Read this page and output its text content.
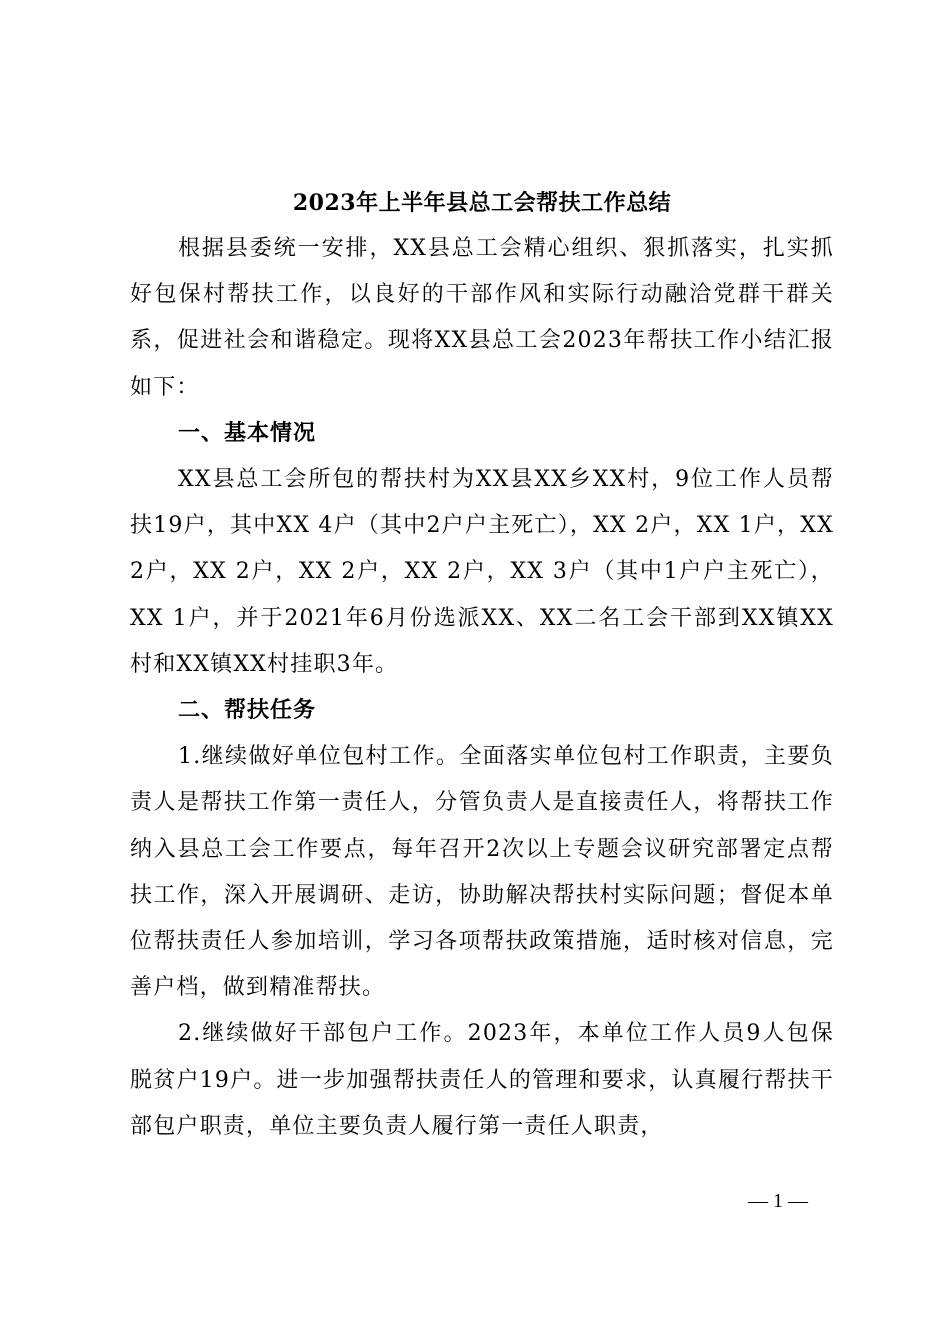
2023年上半年县总工会帮扶工作总结

根据县委统一安排，XX县总工会精心组织、狠抓落实，扎实抓好包保村帮扶工作，以良好的干部作风和实际行动融洽党群干群关系，促进社会和谐稳定。现将XX县总工会2023年帮扶工作小结汇报如下：

一、基本情况

XX县总工会所包的帮扶村为XX县XX乡XX村，9位工作人员帮扶19户，其中XX 4户（其中2户户主死亡），XX 2户，XX 1户，XX 2户，XX 2户，XX 2户，XX 2户，XX 3户（其中1户户主死亡），XX 1户，并于2021年6月份选派XX、XX二名工会干部到XX镇XX村和XX镇XX村挂职3年。

二、帮扶任务

1.继续做好单位包村工作。全面落实单位包村工作职责，主要负责人是帮扶工作第一责任人，分管负责人是直接责任人，将帮扶工作纳入县总工会工作要点，每年召开2次以上专题会议研究部署定点帮扶工作，深入开展调研、走访，协助解决帮扶村实际问题；督促本单位帮扶责任人参加培训，学习各项帮扶政策措施，适时核对信息，完善户档，做到精准帮扶。

2.继续做好干部包户工作。2023年，本单位工作人员9人包保脱贫户19户。进一步加强帮扶责任人的管理和要求，认真履行帮扶干部包户职责，单位主要负责人履行第一责任人职责，

— 1 —
